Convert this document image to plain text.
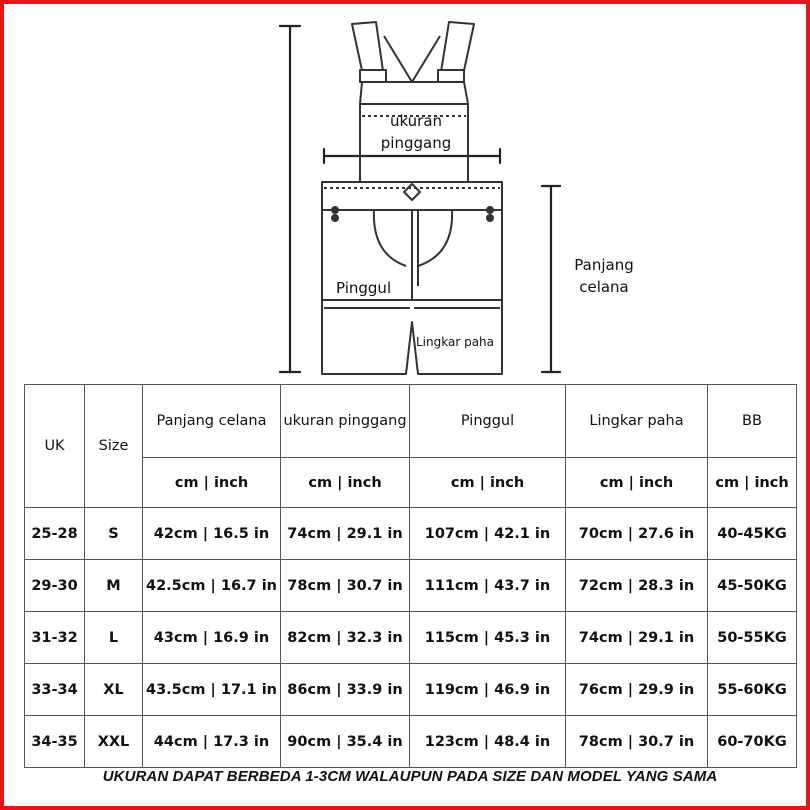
ukuran pinggang
Pinggul
Panjang celana
Lingkar paha
UK	Size	Panjang celana	ukuran pinggang	Pinggul	Lingkar paha	BB
		cm | inch	cm | inch	cm | inch	cm | inch	cm | inch
25-28	S	42cm | 16.5 in	74cm | 29.1 in	107cm | 42.1 in	70cm | 27.6 in	40-45KG
29-30	M	42.5cm | 16.7 in	78cm | 30.7 in	111cm | 43.7 in	72cm | 28.3 in	45-50KG
31-32	L	43cm | 16.9 in	82cm | 32.3 in	115cm | 45.3 in	74cm | 29.1 in	50-55KG
33-34	XL	43.5cm | 17.1 in	86cm | 33.9 in	119cm | 46.9 in	76cm | 29.9 in	55-60KG
34-35	XXL	44cm | 17.3 in	90cm | 35.4 in	123cm | 48.4 in	78cm | 30.7 in	60-70KG
UKURAN DAPAT BERBEDA 1-3CM WALAUPUN PADA SIZE DAN MODEL YANG SAMA
